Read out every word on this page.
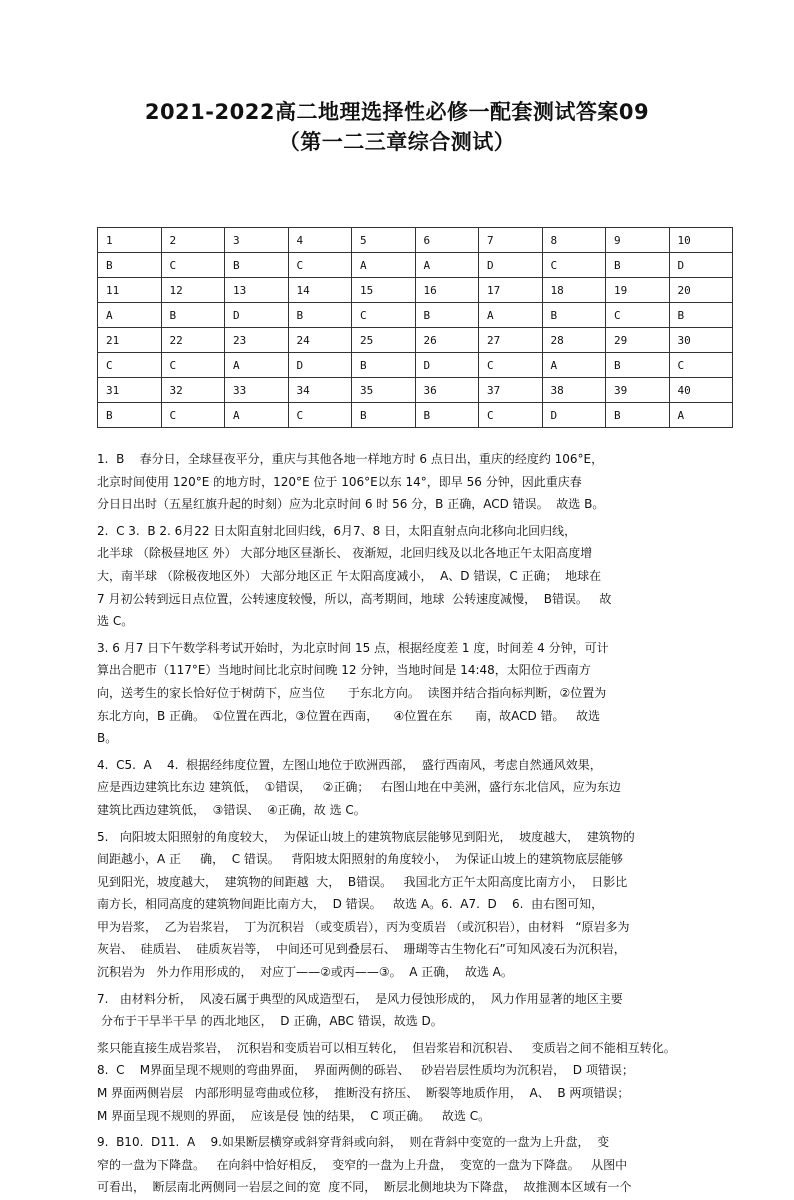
2021-2022高二地理选择性必修一配套测试答案09
（第一二三章综合测试）
1	2	3	4	5	6	7	8	9	10
B	C	B	C	A	A	D	C	B	D
11	12	13	14	15	16	17	18	19	20
A	B	D	B	C	B	A	B	C	B
21	22	23	24	25	26	27	28	29	30
C	C	A	D	B	D	C	A	B	C
31	32	33	34	35	36	37	38	39	40
B	C	A	C	B	B	C	D	B	A

1.  B    春分日，全球昼夜平分，重庆与其他各地一样地方时 6 点日出，重庆的经度约 106°E，

北京时间使用 120°E 的地方时，120°E 位于 106°E以东 14°，即早 56 分钟，因此重庆春

分日日出时（五星红旗升起的时刻）应为北京时间 6 时 56 分，B 正确，ACD 错误。  故选 B。

2.  C 3.  B 2. 6月22 日太阳直射北回归线，6月7、8 日，太阳直射点向北移向北回归线，

北半球 （除极昼地区 外） 大部分地区昼渐长、 夜渐短，北回归线及以北各地正午太阳高度增

大，南半球 （除极夜地区外） 大部分地区正 午太阳高度减小，  A、D 错误，C 正确；  地球在

7 月初公转到远日点位置，公转速度较慢，所以，高考期间，地球  公转速度减慢，  B错误。   故

选 C。

3. 6 月7 日下午数学科考试开始时，为北京时间 15 点，根据经度差 1 度，时间差 4 分钟，可计

算出合肥市（117°E）当地时间比北京时间晚 12 分钟，当地时间是 14:48，太阳位于西南方

向，送考生的家长恰好位于树荫下，应当位      于东北方向。  读图并结合指向标判断，②位置为

东北方向，B 正确。  ①位置在西北，③位置在西南，    ④位置在东      南，故ACD 错。   故选

B。

4.  C5.  A    4.  根据经纬度位置，左图山地位于欧洲西部，  盛行西南风，考虑自然通风效果，

应是西边建筑比东边 建筑低，  ①错误，   ②正确；   右图山地在中美洲，盛行东北信风，应为东边

建筑比西边建筑低，  ③错误、  ④正确，故 选 C。

5.   向阳坡太阳照射的角度较大，  为保证山坡上的建筑物底层能够见到阳光，  坡度越大，  建筑物的

间距越小，A 正     确，  C 错误。   背阳坡太阳照射的角度较小，  为保证山坡上的建筑物底层能够

见到阳光，坡度越大，  建筑物的间距越  大，  B错误。   我国北方正午太阳高度比南方小，  日影比

南方长，相同高度的建筑物间距比南方大，  D 错误。   故选 A。6.  A7.  D    6.  由右图可知，

甲为岩浆，  乙为岩浆岩，  丁为沉积岩 （或变质岩），丙为变质岩 （或沉积岩），由材料   “原岩多为

灰岩、  硅质岩、  硅质灰岩等，  中间还可见到叠层石、  珊瑚等古生物化石”可知风凌石为沉积岩，

沉积岩为   外力作用形成的，  对应丁——②或丙——③。  A 正确，  故选 A。

7.   由材料分析，  风凌石属于典型的风成造型石，  是风力侵蚀形成的，  风力作用显著的地区主要

分布于干旱半干旱 的西北地区，  D 正确，ABC 错误，故选 D。

浆只能直接生成岩浆岩，  沉积岩和变质岩可以相互转化，  但岩浆岩和沉积岩、   变质岩之间不能相互转化。

8.  C    M界面呈现不规则的弯曲界面，  界面两侧的砾岩、   砂岩岩层性质均为沉积岩，  D 项错误；

M 界面两侧岩层   内部形明显弯曲或位移，  推断没有挤压、  断裂等地质作用，  A、  B 两项错误；

M 界面呈现不规则的界面，  应该是侵 蚀的结果，  C 项正确。   故选 C。

9.  B10.  D11.  A    9.如果断层横穿或斜穿背斜或向斜，  则在背斜中变宽的一盘为上升盘，  变

窄的一盘为下降盘。   在向斜中恰好相反，  变窄的一盘为上升盘，  变宽的一盘为下降盘。   从图中

可看出，  断层南北两侧同一岩层之间的宽  度不同，  断层北侧地块为下降盘，  故推测本区域有一个
